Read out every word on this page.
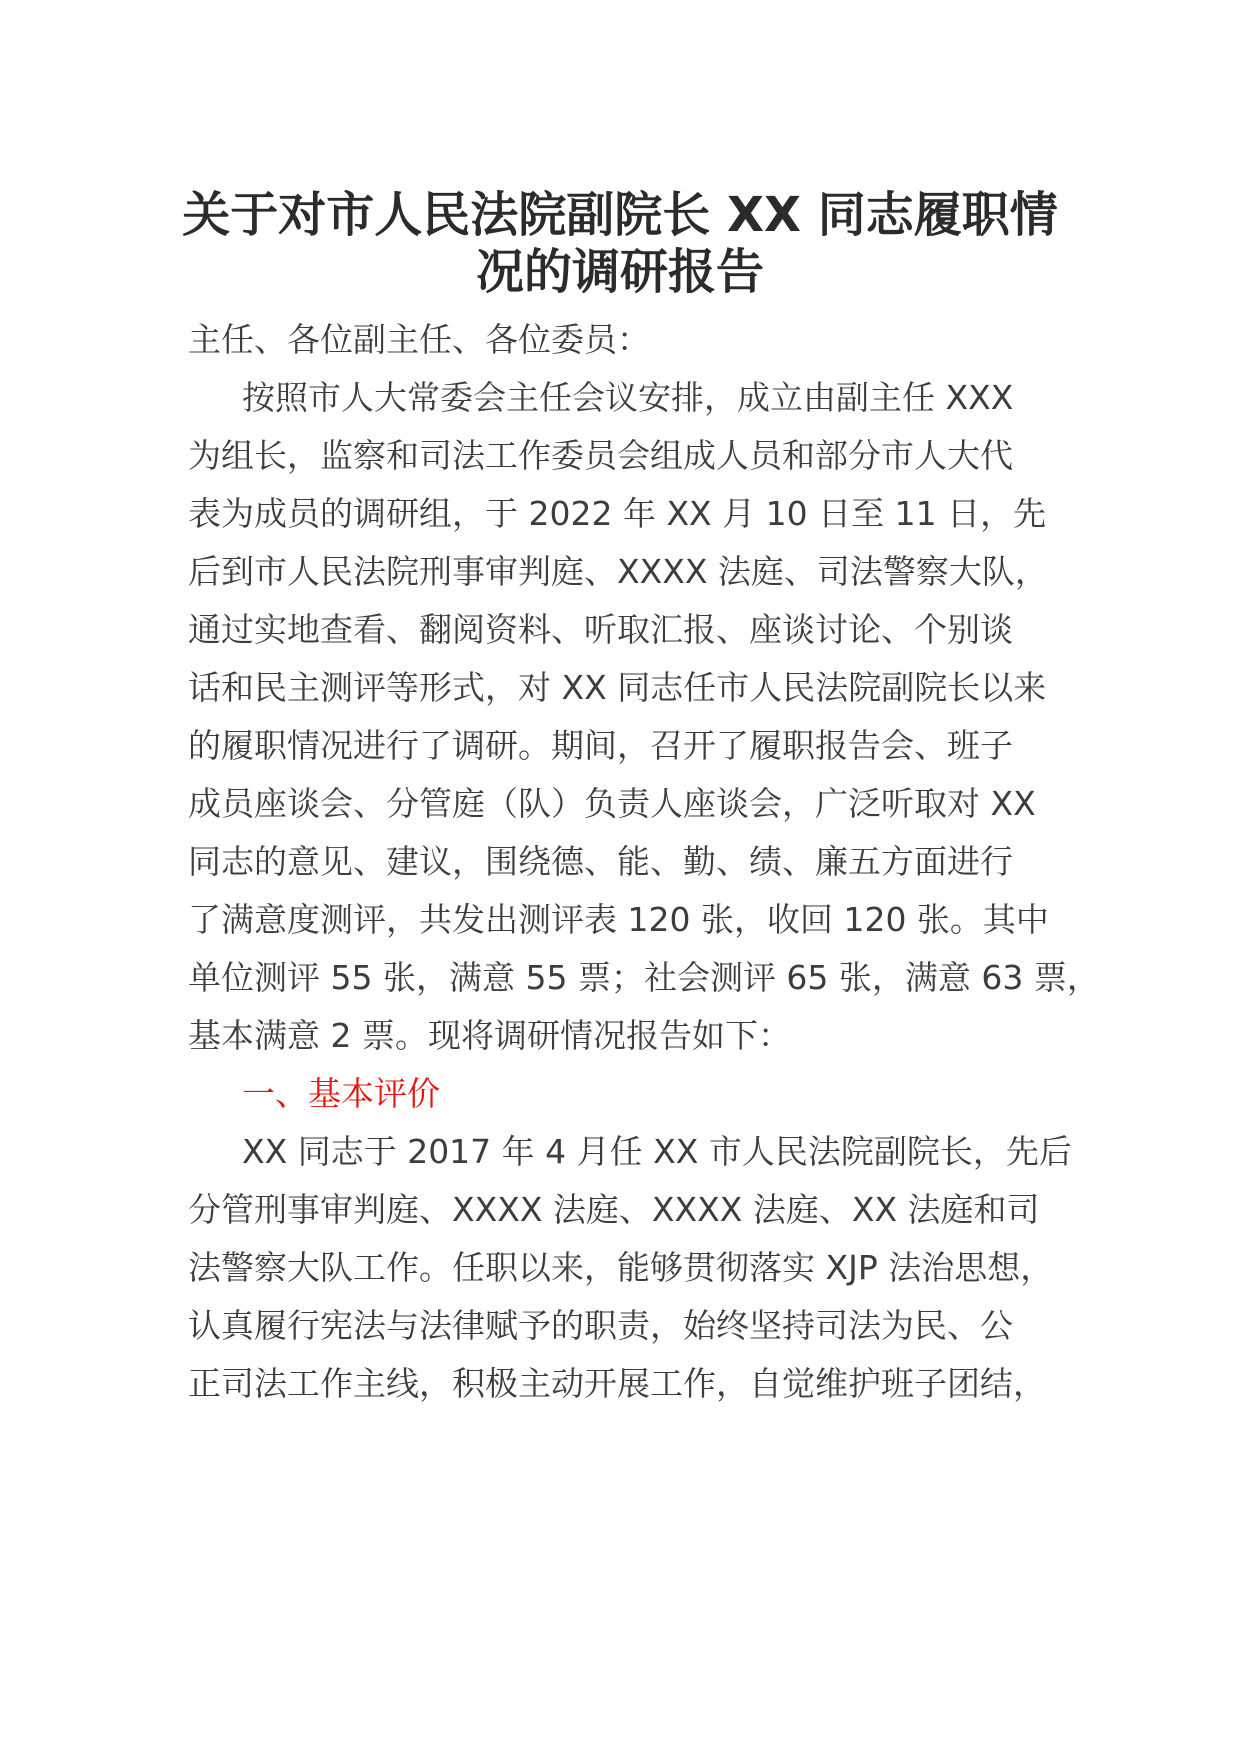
关于对市人民法院副院长 XX 同志履职情
况的调研报告
主任、各位副主任、各位委员：
按照市人大常委会主任会议安排，成立由副主任 XXX
为组长，监察和司法工作委员会组成人员和部分市人大代
表为成员的调研组，于 2022 年 XX 月 10 日至 11 日，先
后到市人民法院刑事审判庭、XXXX 法庭、司法警察大队，
通过实地查看、翻阅资料、听取汇报、座谈讨论、个别谈
话和民主测评等形式，对 XX 同志任市人民法院副院长以来
的履职情况进行了调研。期间，召开了履职报告会、班子
成员座谈会、分管庭（队）负责人座谈会，广泛听取对 XX
同志的意见、建议，围绕德、能、勤、绩、廉五方面进行
了满意度测评，共发出测评表 120 张，收回 120 张。其中
单位测评 55 张，满意 55 票；社会测评 65 张，满意 63 票，
基本满意 2 票。现将调研情况报告如下：
一、基本评价
XX 同志于 2017 年 4 月任 XX 市人民法院副院长，先后
分管刑事审判庭、XXXX 法庭、XXXX 法庭、XX 法庭和司
法警察大队工作。任职以来，能够贯彻落实 XJP 法治思想，
认真履行宪法与法律赋予的职责，始终坚持司法为民、公
正司法工作主线，积极主动开展工作，自觉维护班子团结，
